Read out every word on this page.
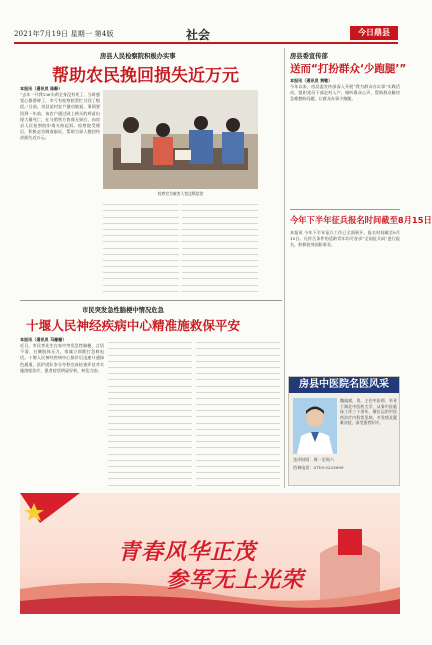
2021年7月19日 星期一 第4版	社会	今日鼎县
房县人民检察院积极办实事
帮助农民挽回损失近万元
本报讯（通讯员 陈静）
“去年一开我136头鸡全身没有死了，当时感觉心都要碎了，幸亏有检察院帮忙讨回了赔偿。”日前，房县某村农户激动地说。事情要回到一年前，该农户通过网上购买的鸡苗出现大量死亡，在与销售方协商无果后，向房县人民检察院申请支持起诉。检察院受理后，积极走访调查取证，帮助当事人挽回经济损失近万元。
检察官为被害人宽送赔偿款
市民突发急性脑梗中情况危急
十堰人民神经疾病中心精准施救保平安
本报讯（通讯员 马姗姗）
近日，市民李先生在家中突发急性脑梗，言语不清、右侧肢体无力，家属立即拨打急救电话。十堰人民神经疾病中心接诊后迅速开通绿色通道，医护团队争分夺秒完成检查评估并实施溶栓治疗，患者症状明显好转，转危为安。
房县委宣传部
送而“打扮群众‘少跑腿’”
本报讯（通讯员 贾敏）
今年以来，房县委宣传部深入开展“我为群众办实事”实践活动，组织党员干部走村入户，倾听群众心声，帮助群众解决急难愁盼问题，让群众办事少跑腿。
今年下半年征兵报名时间截至8月15日
本报讯 今年下半年征兵工作已全面展开，报名时间截至8月15日。凡符合条件的适龄青年均可登录“全国征兵网”进行报名，积极投身国防事业。
房县中医院名医风采
魏迪斌，男，主任中医师，毕业于湖北中医药大学，从事中医临床工作三十余年，擅长运用中医药治疗内科常见病、多发病及疑难杂症，深受患者好评。
坐诊时间：周一至周六
咨询电话：0719-3223099
青春风华正茂
参军无上光荣
